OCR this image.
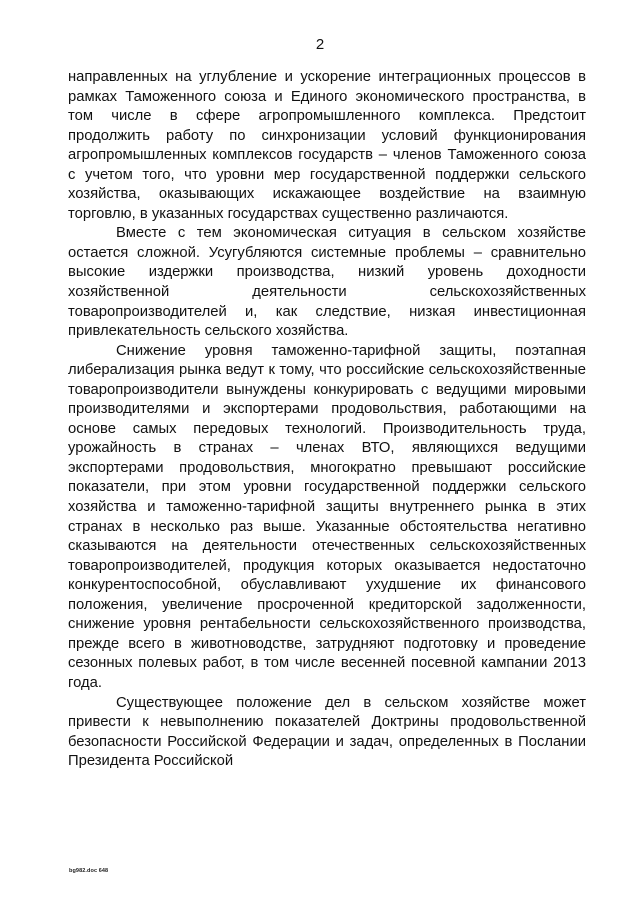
2

направленных на углубление и ускорение интеграционных процессов в рамках Таможенного союза и Единого экономического пространства, в том числе в сфере агропромышленного комплекса. Предстоит продолжить работу по синхронизации условий функционирования агропромышленных комплексов государств – членов Таможенного союза с учетом того, что уровни мер государственной поддержки сельского хозяйства, оказывающих искажающее воздействие на взаимную торговлю, в указанных государствах существенно различаются.

Вместе с тем экономическая ситуация в сельском хозяйстве остается сложной. Усугубляются системные проблемы – сравнительно высокие издержки производства, низкий уровень доходности хозяйственной деятельности сельскохозяйственных товаропроизводителей и, как следствие, низкая инвестиционная привлекательность сельского хозяйства.

Снижение уровня таможенно-тарифной защиты, поэтапная либерализация рынка ведут к тому, что российские сельскохозяйственные товаропроизводители вынуждены конкурировать с ведущими мировыми производителями и экспортерами продовольствия, работающими на основе самых передовых технологий. Производительность труда, урожайность в странах – членах ВТО, являющихся ведущими экспортерами продовольствия, многократно превышают российские показатели, при этом уровни государственной поддержки сельского хозяйства и таможенно-тарифной защиты внутреннего рынка в этих странах в несколько раз выше. Указанные обстоятельства негативно сказываются на деятельности отечественных сельскохозяйственных товаропроизводителей, продукция которых оказывается недостаточно конкурентоспособной, обуславливают ухудшение их финансового положения, увеличение просроченной кредиторской задолженности, снижение уровня рентабельности сельскохозяйственного производства, прежде всего в животноводстве, затрудняют подготовку и проведение сезонных полевых работ, в том числе весенней посевной кампании 2013 года.

Существующее положение дел в сельском хозяйстве может привести к невыполнению показателей Доктрины продовольственной безопасности Российской Федерации и задач, определенных в Послании Президента Российской

bg982.doc 648
